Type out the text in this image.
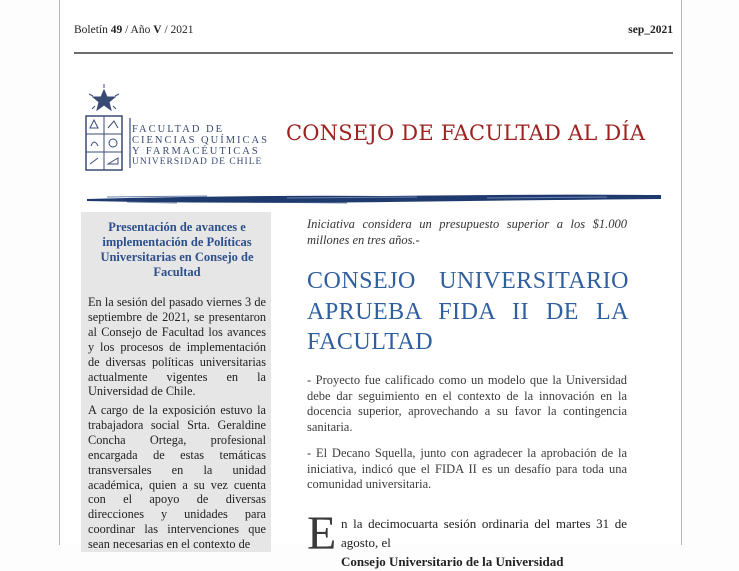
Boletín 49 / Año V / 2021	sep_2021
FACULTAD DE
CIENCIAS QUÍMICAS
Y FARMACÉUTICAS
UNIVERSIDAD DE CHILE
CONSEJO DE FACULTAD AL DÍA
Presentación de avances e implementación de Políticas Universitarias en Consejo de Facultad
En la sesión del pasado viernes 3 de septiembre de 2021, se presentaron al Consejo de Facultad los avances y los procesos de implementación de diversas políticas universitarias actualmente vigentes en la Universidad de Chile.
A cargo de la exposición estuvo la trabajadora social Srta. Geraldine Concha Ortega, profesional encargada de estas temáticas transversales en la unidad académica, quien a su vez cuenta con el apoyo de diversas direcciones y unidades para coordinar las intervenciones que sean necesarias en el contexto de
Iniciativa considera un presupuesto superior a los $1.000 millones en tres años.-
CONSEJO UNIVERSITARIO
APRUEBA FIDA II DE LA
FACULTAD
- Proyecto fue calificado como un modelo que la Universidad debe dar seguimiento en el contexto de la innovación en la docencia superior, aprovechando a su favor la contingencia sanitaria.
- El Decano Squella, junto con agradecer la aprobación de la iniciativa, indicó que el FIDA II es un desafío para toda una comunidad universitaria.
E n la decimocuarta sesión ordinaria del martes 31 de agosto, el
Consejo Universitario de la Universidad
